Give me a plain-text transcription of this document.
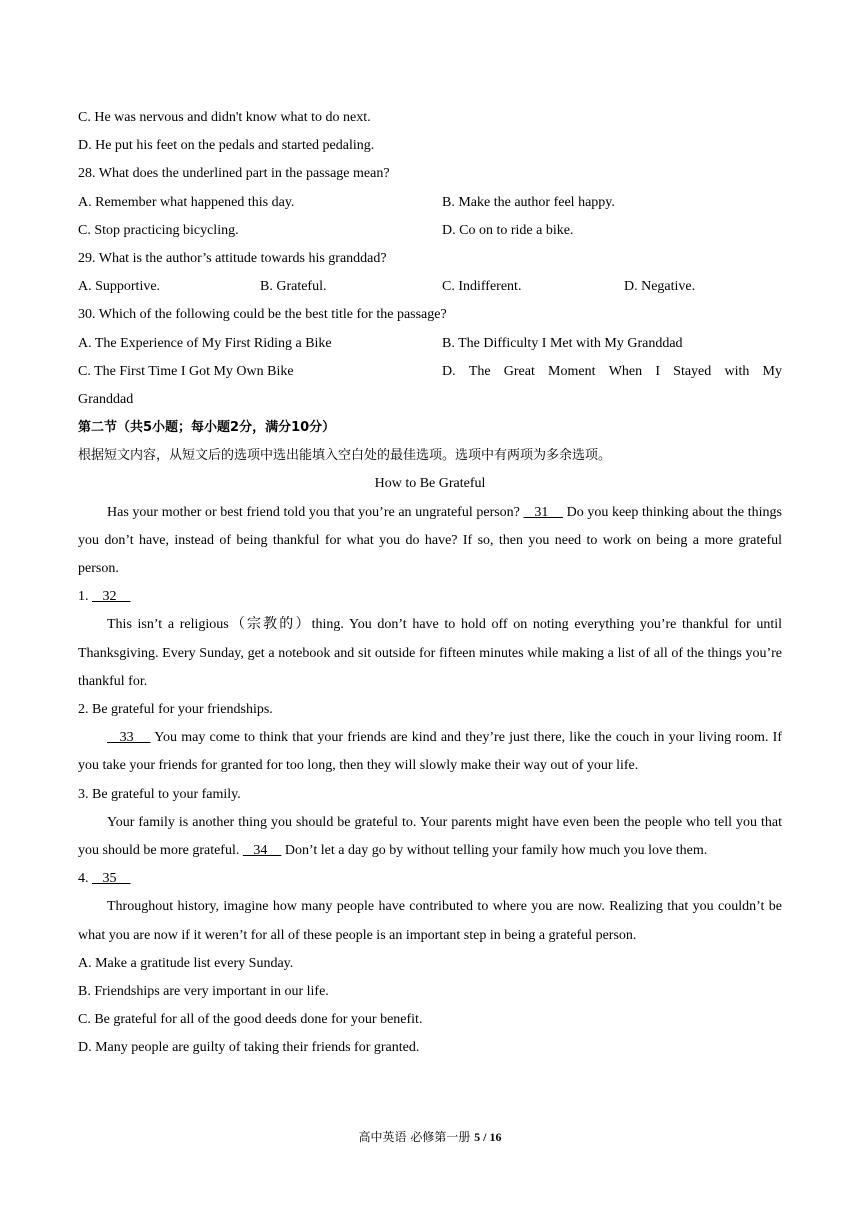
C. He was nervous and didn't know what to do next.
D. He put his feet on the pedals and started pedaling.
28. What does the underlined part in the passage mean?
A. Remember what happened this day.	B. Make the author feel happy.
C. Stop practicing bicycling.	D. Co on to ride a bike.
29. What is the author’s attitude towards his granddad?
A. Supportive.	B. Grateful.	C. Indifferent.	D. Negative.
30. Which of the following could be the best title for the passage?
A. The Experience of My First Riding a Bike	B. The Difficulty I Met with My Granddad
C. The First Time I Got My Own Bike	D. The Great Moment When I Stayed with My
Granddad
第二节（共5小题；每小题2分，满分10分）
根据短文内容，从短文后的选项中选出能填入空白处的最佳选项。选项中有两项为多余选项。
How to Be Grateful
Has your mother or best friend told you that you’re an ungrateful person?    31     Do you keep thinking about the things you don’t have, instead of being thankful for what you do have? If so, then you need to work on being a more grateful person.
1.    32
This isn’t a religious（宗教的）thing. You don’t have to hold off on noting everything you’re thankful for until Thanksgiving. Every Sunday, get a notebook and sit outside for fifteen minutes while making a list of all of the things you’re thankful for.
2. Be grateful for your friendships.
33     You may come to think that your friends are kind and they’re just there, like the couch in your living room. If you take your friends for granted for too long, then they will slowly make their way out of your life.
3. Be grateful to your family.
Your family is another thing you should be grateful to. Your parents might have even been the people who tell you that you should be more grateful.    34     Don’t let a day go by without telling your family how much you love them.
4.    35
Throughout history, imagine how many people have contributed to where you are now. Realizing that you couldn’t be what you are now if it weren’t for all of these people is an important step in being a grateful person.
A. Make a gratitude list every Sunday.
B. Friendships are very important in our life.
C. Be grateful for all of the good deeds done for your benefit.
D. Many people are guilty of taking their friends for granted.
高中英语 必修第一册 5 / 16
